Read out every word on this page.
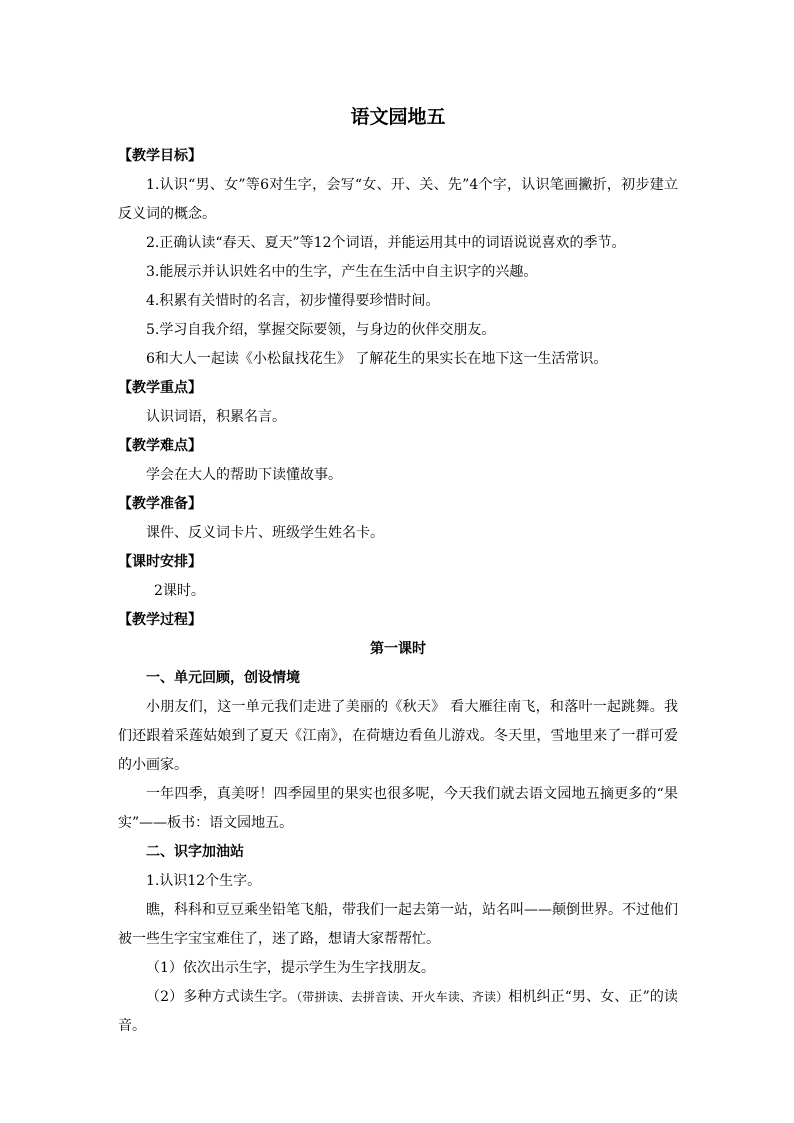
语文园地五

【教学目标】

1.认识“男、女”等6对生字，会写“女、开、关、先”4个字，认识笔画撇折，初步建立反义词的概念。

2.正确认读“春天、夏天”等12个词语，并能运用其中的词语说说喜欢的季节。

3.能展示并认识姓名中的生字，产生在生活中自主识字的兴趣。

4.积累有关惜时的名言，初步懂得要珍惜时间。

5.学习自我介绍，掌握交际要领，与身边的伙伴交朋友。

6和大人一起读《小松鼠找花生》 了解花生的果实长在地下这一生活常识。

【教学重点】

认识词语，积累名言。

【教学难点】

学会在大人的帮助下读懂故事。

【教学准备】

课件、反义词卡片、班级学生姓名卡。

【课时安排】

2课时。

【教学过程】

第一课时

一、单元回顾，创设情境

小朋友们，这一单元我们走进了美丽的《秋天》 看大雁往南飞，和落叶一起跳舞。我们还跟着采莲姑娘到了夏天《江南》，在荷塘边看鱼儿游戏。冬天里，雪地里来了一群可爱的小画家。

一年四季，真美呀！四季园里的果实也很多呢，今天我们就去语文园地五摘更多的“果实”——板书：语文园地五。

二、识字加油站

1.认识12个生字。

瞧，科科和豆豆乘坐铅笔飞船，带我们一起去第一站，站名叫——颠倒世界。不过他们被一些生字宝宝难住了，迷了路，想请大家帮帮忙。

（1）依次出示生字，提示学生为生字找朋友。

（2）多种方式读生字。（带拼读、去拼音读、开火车读、齐读）相机纠正“男、女、正”的读音。
